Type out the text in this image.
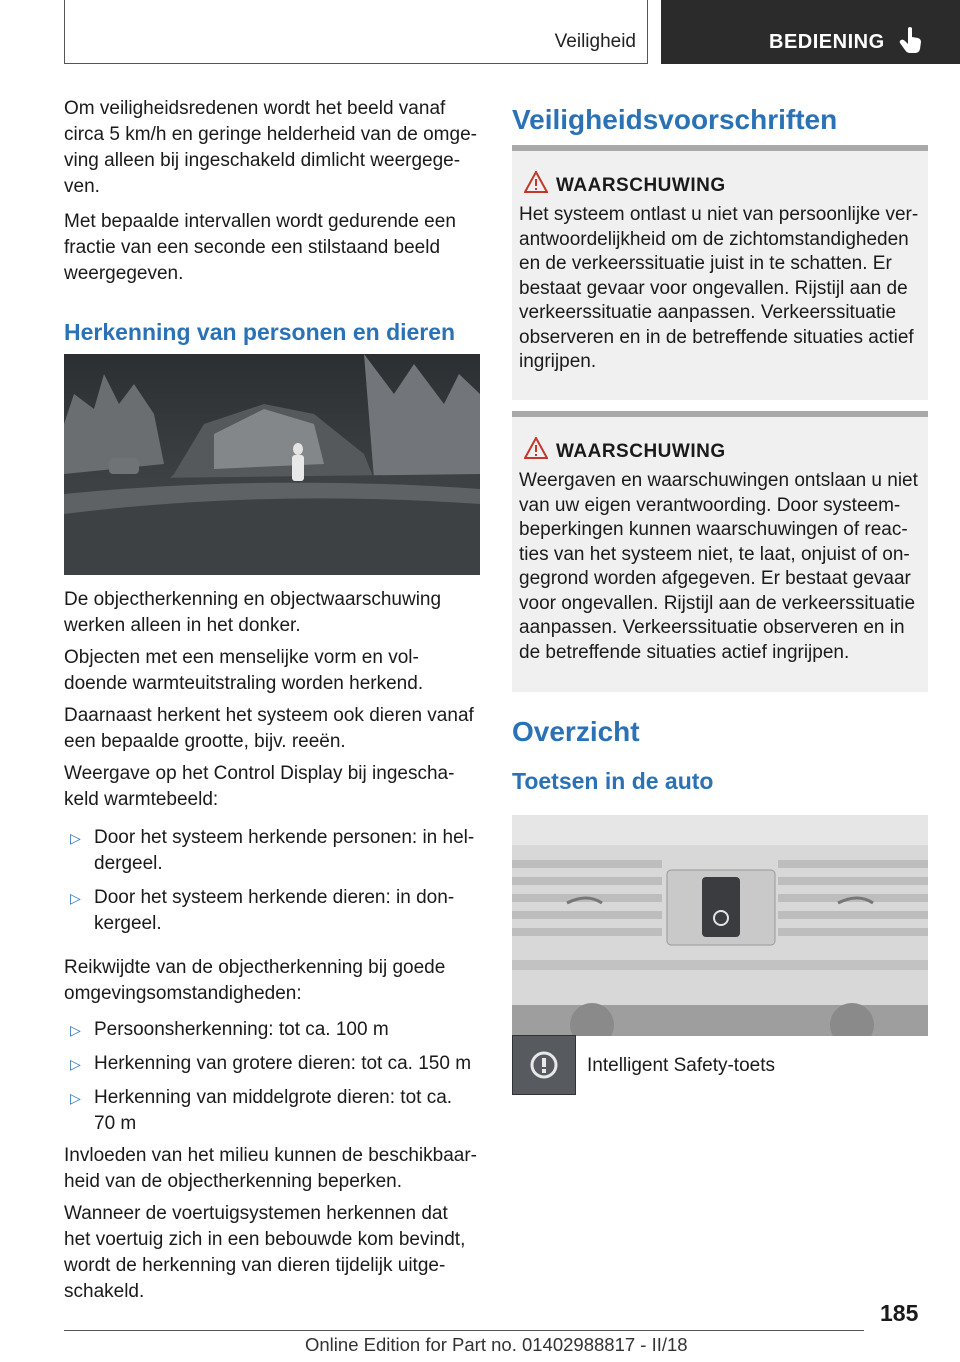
Veiligheid	BEDIENING

Om veiligheidsredenen wordt het beeld vanaf circa 5 km/h en geringe helderheid van de omge-ving alleen bij ingeschakeld dimlicht weergege-ven.

Met bepaalde intervallen wordt gedurende een fractie van een seconde een stilstaand beeld weergegeven.

Herkenning van personen en dieren

De objectherkenning en objectwaarschuwing werken alleen in het donker.

Objecten met een menselijke vorm en vol-doende warmteuitstraling worden herkend.

Daarnaast herkent het systeem ook dieren vanaf een bepaalde grootte, bijv. reeën.

Weergave op het Control Display bij ingescha-keld warmtebeeld:

▷ Door het systeem herkende personen: in hel-dergeel.
▷ Door het systeem herkende dieren: in don-kergeel.

Reikwijdte van de objectherkenning bij goede omgevingsomstandigheden:

▷ Persoonsherkenning: tot ca. 100 m
▷ Herkenning van grotere dieren: tot ca. 150 m
▷ Herkenning van middelgrote dieren: tot ca. 70 m

Invloeden van het milieu kunnen de beschikbaar-heid van de objectherkenning beperken.

Wanneer de voertuigsystemen herkennen dat het voertuig zich in een bebouwde kom bevindt, wordt de herkenning van dieren tijdelijk uitge-schakeld.

Veiligheidsvoorschriften
WAARSCHUWING
Het systeem ontlast u niet van persoonlijke ver-antwoordelijkheid om de zichtomstandigheden en de verkeerssituatie juist in te schatten. Er bestaat gevaar voor ongevallen. Rijstijl aan de verkeerssituatie aanpassen. Verkeerssituatie observeren en in de betreffende situaties actief ingrijpen.
WAARSCHUWING
Weergaven en waarschuwingen ontslaan u niet van uw eigen verantwoording. Door systeem-beperkingen kunnen waarschuwingen of reac-ties van het systeem niet, te laat, onjuist of on-gegrond worden afgegeven. Er bestaat gevaar voor ongevallen. Rijstijl aan de verkeerssituatie aanpassen. Verkeerssituatie observeren en in de betreffende situaties actief ingrijpen.
Overzicht
Toetsen in de auto
Intelligent Safety-toets
185
Online Edition for Part no. 01402988817 - II/18
